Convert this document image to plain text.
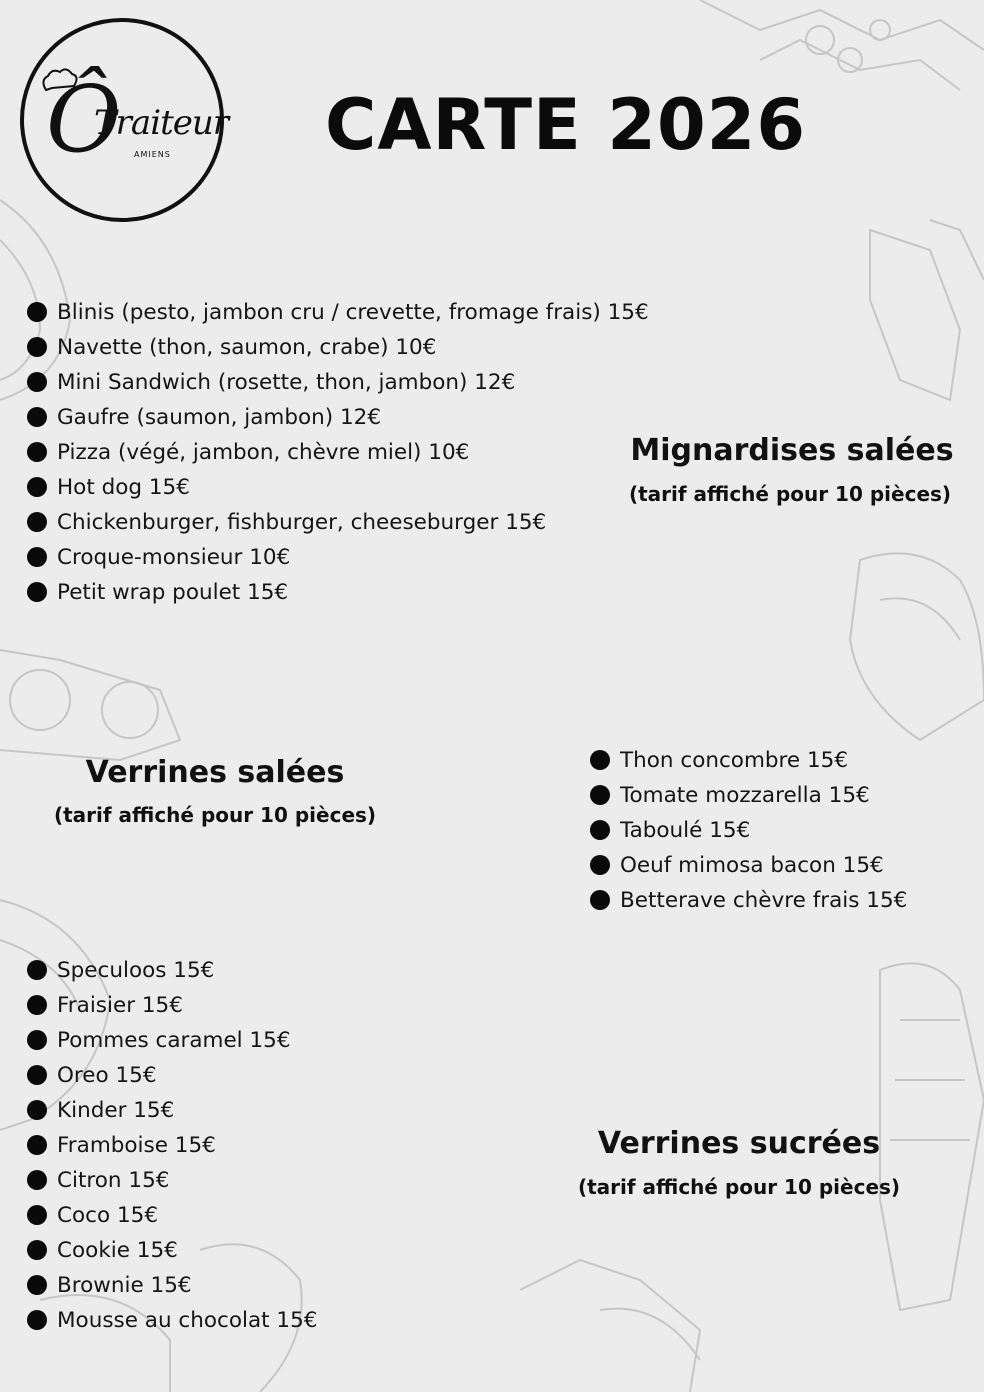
Ô
Traiteur
AMIENS CARTE 2026
Blinis (pesto, jambon cru / crevette, fromage frais) 15€
Navette (thon, saumon, crabe) 10€
Mini Sandwich (rosette, thon, jambon) 12€
Gaufre (saumon, jambon) 12€
Pizza (végé, jambon, chèvre miel) 10€
Hot dog 15€
Chickenburger, fishburger, cheeseburger 15€
Croque-monsieur 10€
Petit wrap poulet 15€
Mignardises salées
(tarif affiché pour 10 pièces)
Verrines salées
(tarif affiché pour 10 pièces)
Thon concombre 15€
Tomate mozzarella 15€
Taboulé 15€
Oeuf mimosa bacon 15€
Betterave chèvre frais 15€
Speculoos 15€
Fraisier 15€
Pommes caramel 15€
Oreo 15€
Kinder 15€
Framboise 15€
Citron 15€
Coco 15€
Cookie 15€
Brownie 15€
Mousse au chocolat 15€
Verrines sucrées
(tarif affiché pour 10 pièces)
